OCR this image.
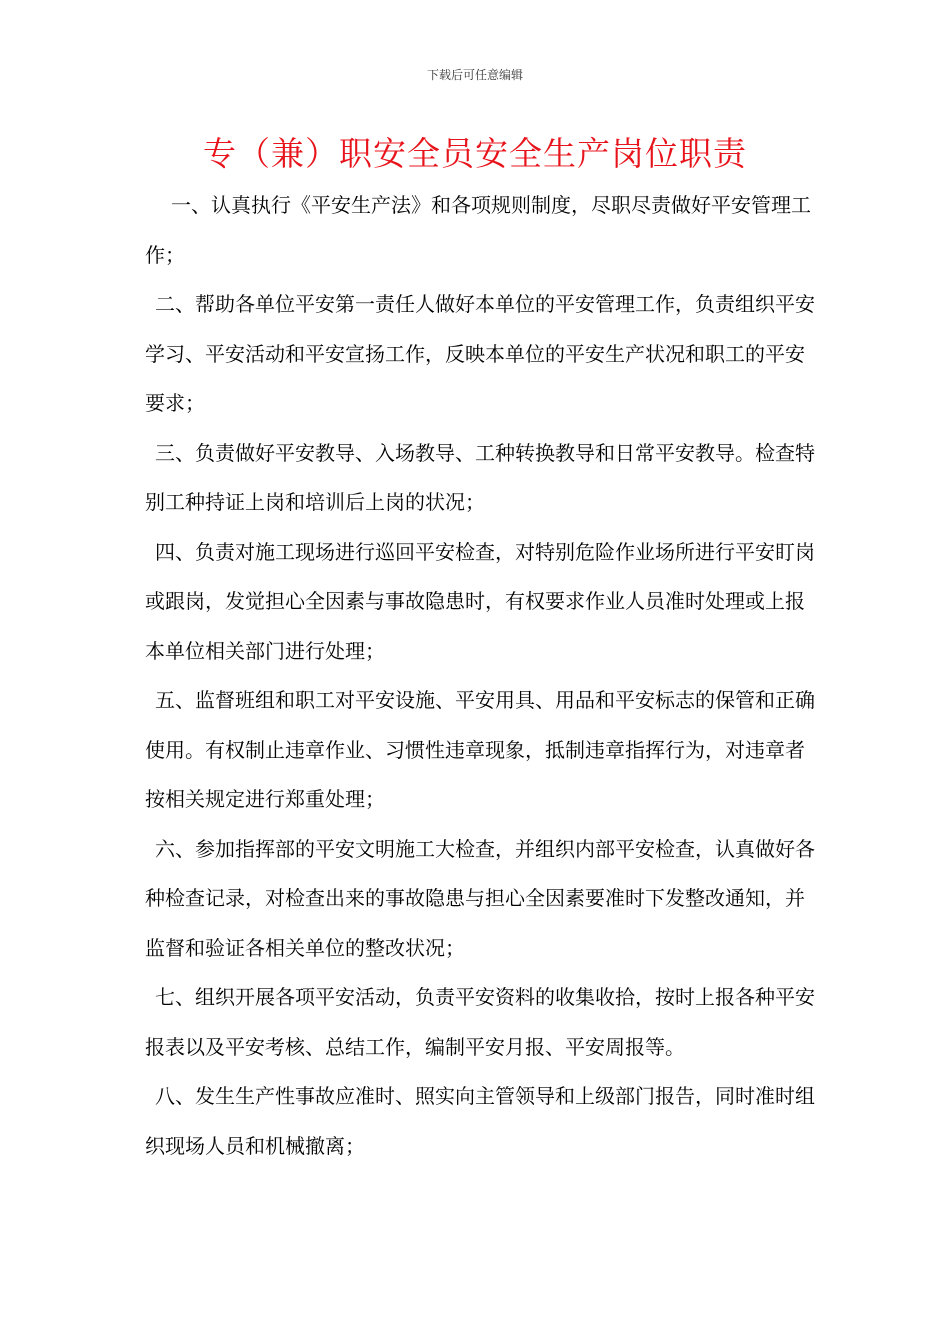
下载后可任意编辑
专（兼）职安全员安全生产岗位职责

一、认真执行《平安生产法》和各项规则制度，尽职尽责做好平安管理工作；

二、帮助各单位平安第一责任人做好本单位的平安管理工作，负责组织平安学习、平安活动和平安宣扬工作，反映本单位的平安生产状况和职工的平安要求；

三、负责做好平安教导、入场教导、工种转换教导和日常平安教导。检查特别工种持证上岗和培训后上岗的状况；

四、负责对施工现场进行巡回平安检查，对特别危险作业场所进行平安盯岗或跟岗，发觉担心全因素与事故隐患时，有权要求作业人员准时处理或上报本单位相关部门进行处理；

五、监督班组和职工对平安设施、平安用具、用品和平安标志的保管和正确使用。有权制止违章作业、习惯性违章现象，抵制违章指挥行为，对违章者按相关规定进行郑重处理；

六、参加指挥部的平安文明施工大检查，并组织内部平安检查，认真做好各种检查记录，对检查出来的事故隐患与担心全因素要准时下发整改通知，并监督和验证各相关单位的整改状况；

七、组织开展各项平安活动，负责平安资料的收集收拾，按时上报各种平安报表以及平安考核、总结工作，编制平安月报、平安周报等。

八、发生生产性事故应准时、照实向主管领导和上级部门报告，同时准时组织现场人员和机械撤离；
